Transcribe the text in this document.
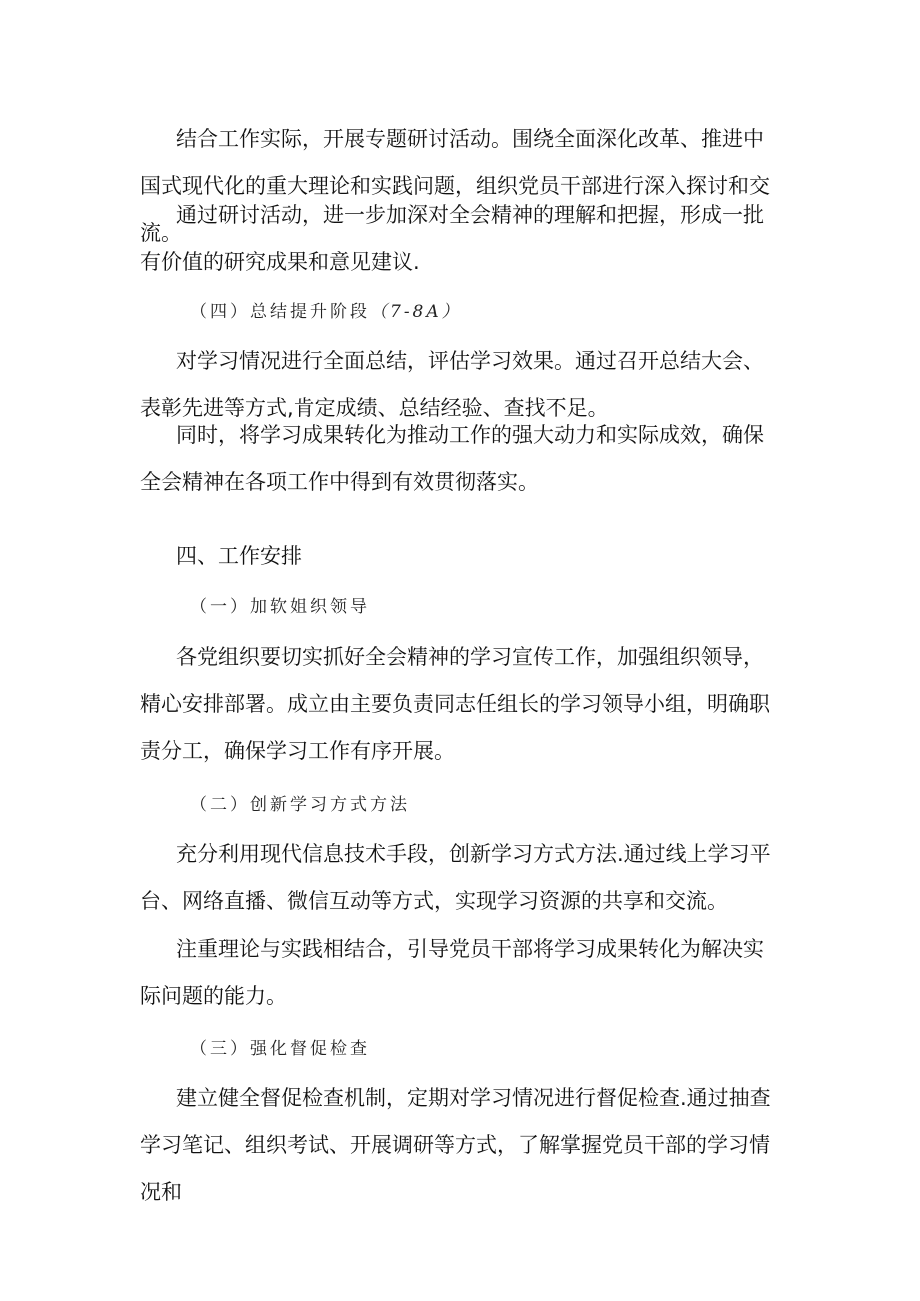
结合工作实际，开展专题研讨活动。围绕全面深化改革、推进中国式现代化的重大理论和实践问题，组织党员干部进行深入探讨和交流。

通过研讨活动，进一步加深对全会精神的理解和把握，形成一批有价值的研究成果和意见建议.

（四）总结提升阶段（7-8A）

对学习情况进行全面总结，评估学习效果。通过召开总结大会、表彰先进等方式,肯定成绩、总结经验、查找不足。

同时，将学习成果转化为推动工作的强大动力和实际成效，确保全会精神在各项工作中得到有效贯彻落实。

四、工作安排

（一）加软姐织领导

各党组织要切实抓好全会精神的学习宣传工作，加强组织领导，精心安排部署。成立由主要负责同志任组长的学习领导小组，明确职责分工，确保学习工作有序开展。

（二）创新学习方式方法

充分利用现代信息技术手段，创新学习方式方法.通过线上学习平台、网络直播、微信互动等方式，实现学习资源的共享和交流。

注重理论与实践相结合，引导党员干部将学习成果转化为解决实际问题的能力。

（三）强化督促检查

建立健全督促检查机制，定期对学习情况进行督促检查.通过抽查学习笔记、组织考试、开展调研等方式，了解掌握党员干部的学习情况和
